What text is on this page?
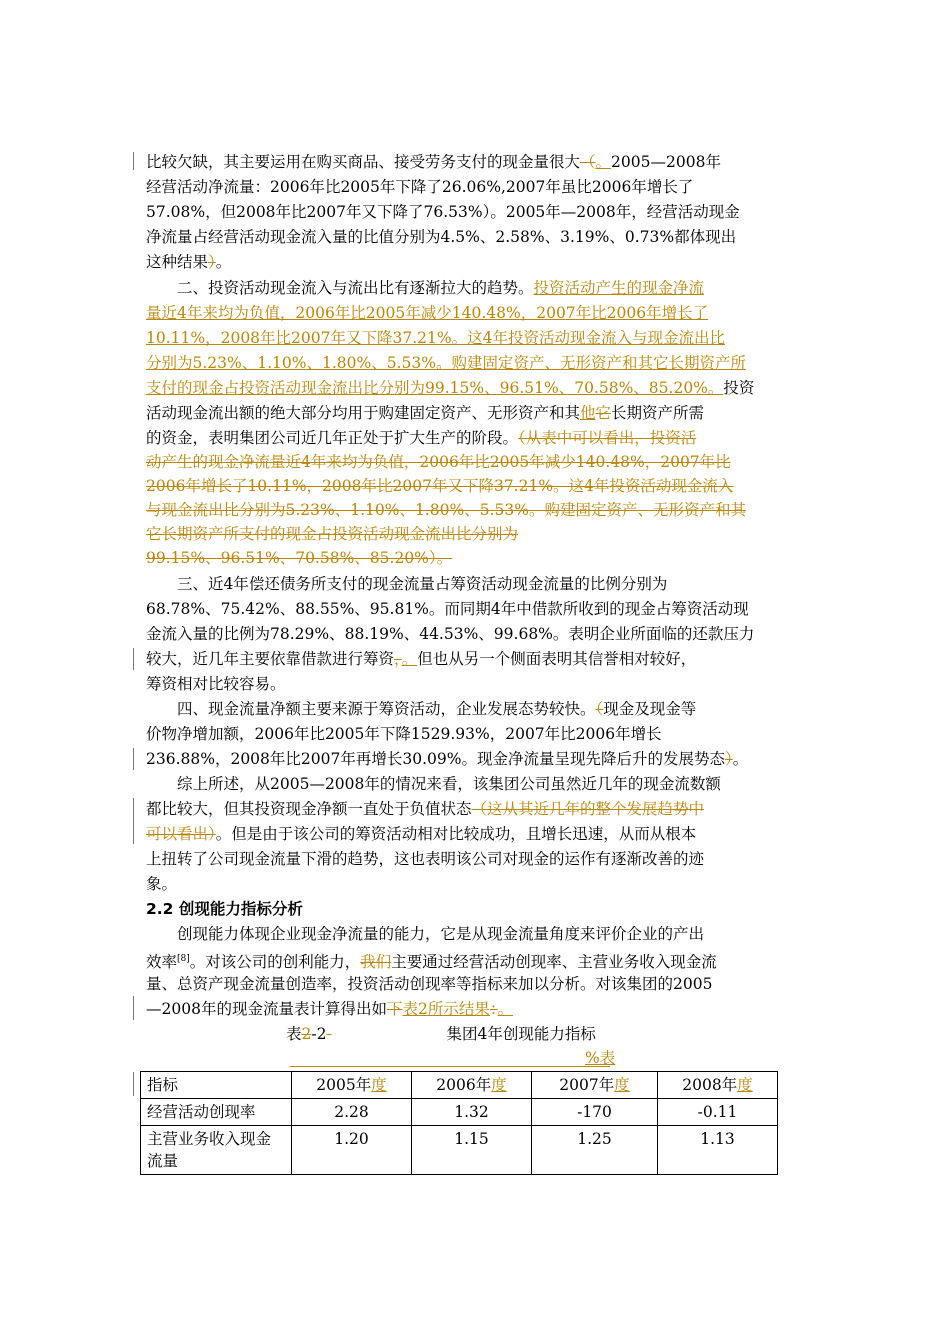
比较欠缺，其主要运用在购买商品、接受劳务支付的现金量很大（。2005—2008年
经营活动净流量：2006年比2005年下降了26.06%,2007年虽比2006年增长了
57.08%，但2008年比2007年又下降了76.53%）。2005年—2008年，经营活动现金
净流量占经营活动现金流入量的比值分别为4.5%、2.58%、3.19%、0.73%都体现出
这种结果）。
二、投资活动现金流入与流出比有逐渐拉大的趋势。投资活动产生的现金净流
量近4年来均为负值，2006年比2005年减少140.48%，2007年比2006年增长了
10.11%，2008年比2007年又下降37.21%。这4年投资活动现金流入与现金流出比
分别为5.23%、1.10%、1.80%、5.53%。购建固定资产、无形资产和其它长期资产所
支付的现金占投资活动现金流出比分别为99.15%、96.51%、70.58%、85.20%。投资
活动现金流出额的绝大部分均用于购建固定资产、无形资产和其他它长期资产所需
的资金，表明集团公司近几年正处于扩大生产的阶段。（从表中可以看出，投资活
动产生的现金净流量近4年来均为负值，2006年比2005年减少140.48%，2007年比
2006年增长了10.11%，2008年比2007年又下降37.21%。这4年投资活动现金流入
与现金流出比分别为5.23%、1.10%、1.80%、5.53%。购建固定资产、无形资产和其
它长期资产所支付的现金占投资活动现金流出比分别为
99.15%、96.51%、70.58%、85.20%）。
三、近4年偿还债务所支付的现金流量占筹资活动现金流量的比例分别为
68.78%、75.42%、88.55%、95.81%。而同期4年中借款所收到的现金占筹资活动现
金流入量的比例为78.29%、88.19%、44.53%、99.68%。表明企业所面临的还款压力
较大，近几年主要依靠借款进行筹资，。但也从另一个侧面表明其信誉相对较好，
筹资相对比较容易。
四、现金流量净额主要来源于筹资活动，企业发展态势较快。（现金及现金等
价物净增加额，2006年比2005年下降1529.93%，2007年比2006年增长
236.88%，2008年比2007年再增长30.09%。现金净流量呈现先降后升的发展势态）。
综上所述，从2005—2008年的情况来看，该集团公司虽然近几年的现金流数额
都比较大，但其投资现金净额一直处于负值状态（这从其近几年的整个发展趋势中
可以看出）。但是由于该公司的筹资活动相对比较成功，且增长迅速，从而从根本
上扭转了公司现金流量下滑的趋势，这也表明该公司对现金的运作有逐渐改善的迹
象。
2.2 创现能力指标分析
创现能力体现企业现金净流量的能力，它是从现金流量角度来评价企业的产出
效率[8]。对该公司的创利能力，我们主要通过经营活动创现率、主营业务收入现金流
量、总资产现金流量创造率，投资活动创现率等指标来加以分析。对该集团的2005
—2008年的现金流量表计算得出如下表2所示结果：。
表2-2	集团4年创现能力指标
%表
指标	2005年度	2006年度	2007年度	2008年度
经营活动创现率	2.28	1.32	-170	-0.11
主营业务收入现金流量	1.20	1.15	1.25	1.13
